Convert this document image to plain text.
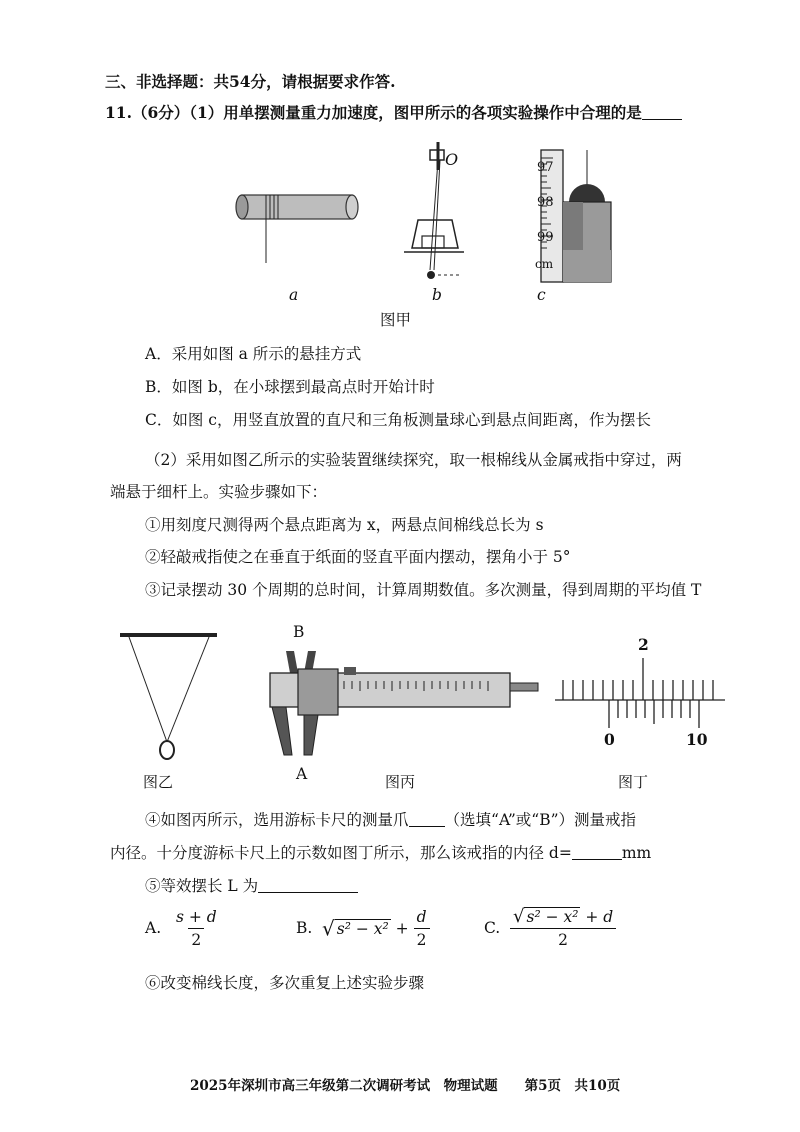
三、非选择题：共54分，请根据要求作答.
11.（6分）（1）用单摆测量重力加速度，图甲所示的各项实验操作中合理的是
O	97
98
99
cm
a	b	c
图甲
A．采用如图 a 所示的悬挂方式
B．如图 b，在小球摆到最高点时开始计时
C．如图 c，用竖直放置的直尺和三角板测量球心到悬点间距离，作为摆长
（2）采用如图乙所示的实验装置继续探究，取一根棉线从金属戒指中穿过，两
端悬于细杆上。实验步骤如下：
①用刻度尺测得两个悬点距离为 x，两悬点间棉线总长为 s
②轻敲戒指使之在垂直于纸面的竖直平面内摆动，摆角小于 5°
③记录摆动 30 个周期的总时间，计算周期数值。多次测量，得到周期的平均值 T
B
A
2
0	10
图乙	图丙	图丁
④如图丙所示，选用游标卡尺的测量爪 （选填“A”或“B”）测量戒指
内径。十分度游标卡尺上的示数如图丁所示，那么该戒指的内径 d=	mm
⑤等效摆长 L 为
A. $\frac{s + d}{2}$	B. √ $s^2 - x^2 + \frac{d}{2}$	C. $\frac{\text{√ s² − x² + d}}{2}$
⑥改变棉线长度，多次重复上述实验步骤
2025年深圳市高三年级第二次调研考试　物理试题　　第5页　共10页
